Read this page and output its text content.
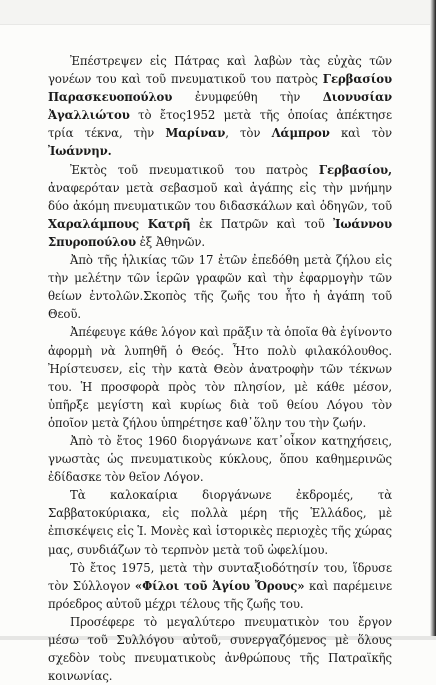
Ἐπέστρεψεν εἰς Πάτρας καὶ λαβὼν τὰς εὐχὰς τῶν γονέων του καὶ τοῦ πνευματικοῦ του πατρὸς Γερβασίου Παρασκευοπούλου ἐνυμφεύθη τὴν Διονυσίαν Ἀγαλλιώτου τὸ ἔτος1952 μετὰ τῆς ὁποίας ἀπέκτησε τρία τέκνα, τὴν Μαρίναν, τὸν Λάμπρον καὶ τὸν Ἰωάννην.

Ἐκτὸς τοῦ πνευματικοῦ του πατρὸς Γερβασίου, ἀναφερόταν μετὰ σεβασμοῦ καὶ ἀγάπης εἰς τὴν μνήμην δύο ἀκόμη πνευματικῶν του διδασκάλων καὶ ὁδηγῶν, τοῦ Χαραλάμπους Κατρῆ ἐκ Πατρῶν καὶ τοῦ Ἰωάννου Σπυροπούλου ἐξ Ἀθηνῶν.

Ἀπὸ τῆς ἡλικίας τῶν 17 ἐτῶν ἐπεδόθη μετὰ ζήλου εἰς τὴν μελέτην τῶν ἱερῶν γραφῶν καὶ τὴν ἐφαρμογὴν τῶν θείων ἐντολῶν.Σκοπὸς τῆς ζωῆς του ἦτο ἡ ἀγάπη τοῦ Θεοῦ.

Ἀπέφευγε κάθε λόγον καὶ πρᾶξιν τὰ ὁποῖα θὰ ἐγίνοντο ἀφορμὴ νὰ λυπηθῆ ὁ Θεός. Ἦτο πολὺ φιλακόλουθος. Ἠρίστευσεν, εἰς τὴν κατὰ Θεὸν ἀνατροφὴν τῶν τέκνων του. Ἡ προσφορὰ πρὸς τὸν πλησίον, μὲ κάθε μέσον, ὑπῆρξε μεγίστη καὶ κυρίως διὰ τοῦ θείου Λόγου τὸν ὁποῖον μετὰ ζήλου ὑπηρέτησε καθ᾽ὅλην του τὴν ζωήν.

Ἀπὸ τὸ ἔτος 1960 διοργάνωνε κατ᾽οἶκον κατηχήσεις, γνωστὰς ὡς πνευματικοὺς κύκλους, ὅπου καθημερινῶς ἐδίδασκε τὸν θεῖον Λόγον.

Τὰ καλοκαίρια διοργάνωνε ἐκδρομές, τὰ Σαββατοκύριακα, εἰς πολλὰ μέρη τῆς Ἑλλάδος, μὲ ἐπισκέψεις εἰς Ἱ. Μονὲς καὶ ἱστορικὲς περιοχὲς τῆς χώρας μας, συνδιάζων τὸ τερπνὸν μετὰ τοῦ ὠφελίμου.

Τὸ ἔτος 1975, μετὰ τὴν συνταξιοδότησίν του, ἵδρυσε τὸν Σύλλογον «Φίλοι τοῦ Ἁγίου Ὄρους» καὶ παρέμεινε πρόεδρος αὐτοῦ μέχρι τέλους τῆς ζωῆς του.

Προσέφερε τὸ μεγαλύτερο πνευματικὸν του ἔργον μέσω τοῦ Συλλόγου αὐτοῦ, συνεργαζόμενος μὲ ὅλους σχεδὸν τοὺς πνευματικοὺς ἀνθρώπους τῆς Πατραϊκῆς κοινωνίας.
